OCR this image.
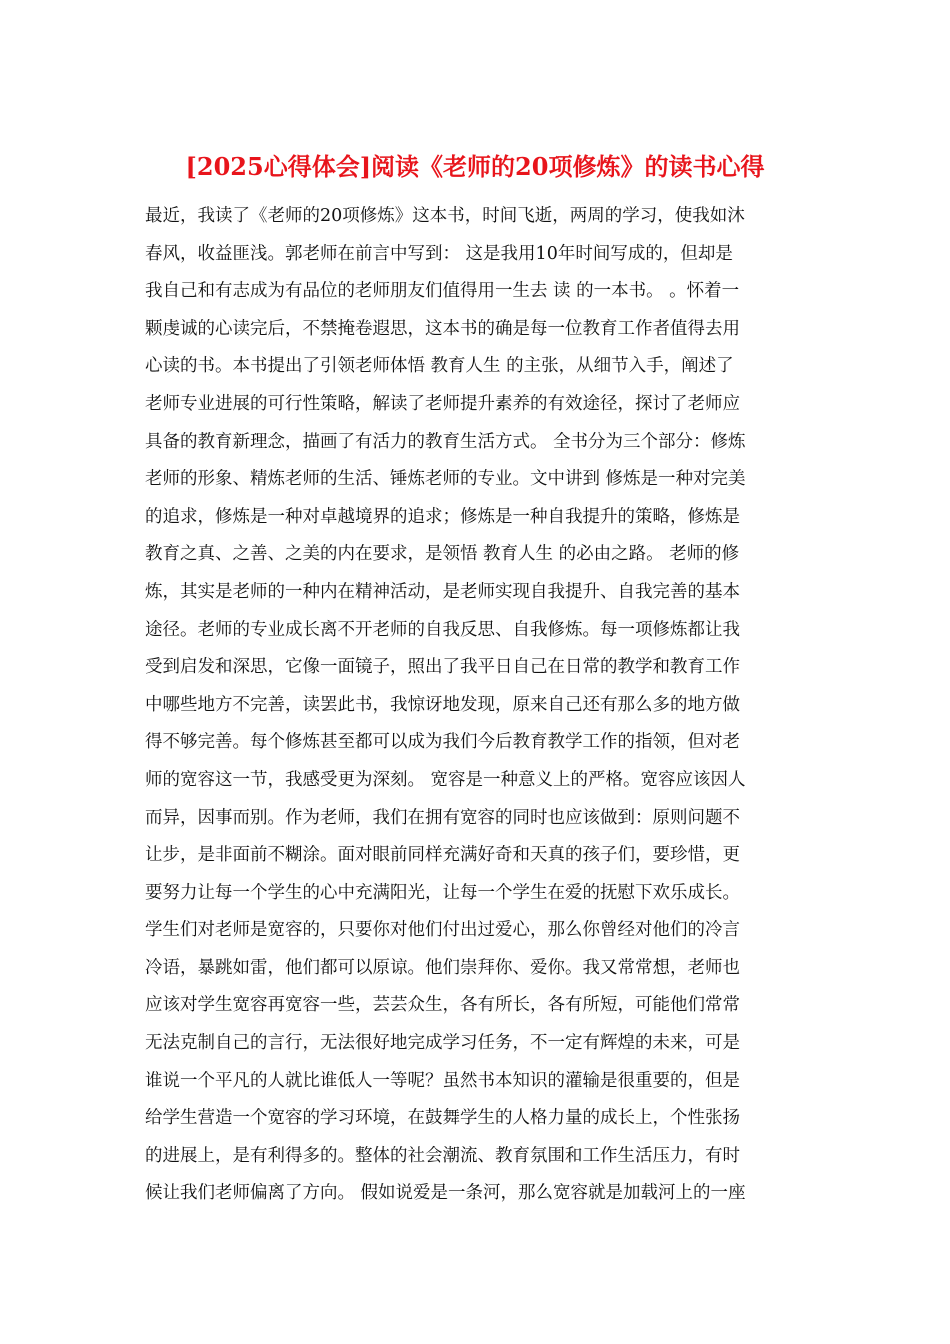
[2025心得体会]阅读《老师的20项修炼》的读书心得
最近，我读了《老师的20项修炼》这本书，时间飞逝，两周的学习，使我如沐
春风，收益匪浅。郭老师在前言中写到： 这是我用10年时间写成的，但却是
我自己和有志成为有品位的老师朋友们值得用一生去 读 的一本书。 。怀着一
颗虔诚的心读完后，不禁掩卷遐思，这本书的确是每一位教育工作者值得去用
心读的书。本书提出了引领老师体悟 教育人生 的主张，从细节入手，阐述了
老师专业进展的可行性策略，解读了老师提升素养的有效途径，探讨了老师应
具备的教育新理念，描画了有活力的教育生活方式。 全书分为三个部分：修炼
老师的形象、精炼老师的生活、锤炼老师的专业。文中讲到 修炼是一种对完美
的追求，修炼是一种对卓越境界的追求；修炼是一种自我提升的策略，修炼是
教育之真、之善、之美的内在要求，是领悟 教育人生 的必由之路。 老师的修
炼，其实是老师的一种内在精神活动，是老师实现自我提升、自我完善的基本
途径。老师的专业成长离不开老师的自我反思、自我修炼。每一项修炼都让我
受到启发和深思，它像一面镜子，照出了我平日自己在日常的教学和教育工作
中哪些地方不完善，读罢此书，我惊讶地发现，原来自己还有那么多的地方做
得不够完善。每个修炼甚至都可以成为我们今后教育教学工作的指领，但对老
师的宽容这一节，我感受更为深刻。 宽容是一种意义上的严格。宽容应该因人
而异，因事而别。作为老师，我们在拥有宽容的同时也应该做到：原则问题不
让步，是非面前不糊涂。面对眼前同样充满好奇和天真的孩子们，要珍惜，更
要努力让每一个学生的心中充满阳光，让每一个学生在爱的抚慰下欢乐成长。
学生们对老师是宽容的，只要你对他们付出过爱心，那么你曾经对他们的冷言
冷语，暴跳如雷，他们都可以原谅。他们崇拜你、爱你。我又常常想，老师也
应该对学生宽容再宽容一些，芸芸众生，各有所长，各有所短，可能他们常常
无法克制自己的言行，无法很好地完成学习任务，不一定有辉煌的未来，可是
谁说一个平凡的人就比谁低人一等呢？虽然书本知识的灌输是很重要的，但是
给学生营造一个宽容的学习环境，在鼓舞学生的人格力量的成长上，个性张扬
的进展上，是有利得多的。整体的社会潮流、教育氛围和工作生活压力，有时
候让我们老师偏离了方向。 假如说爱是一条河，那么宽容就是加载河上的一座
